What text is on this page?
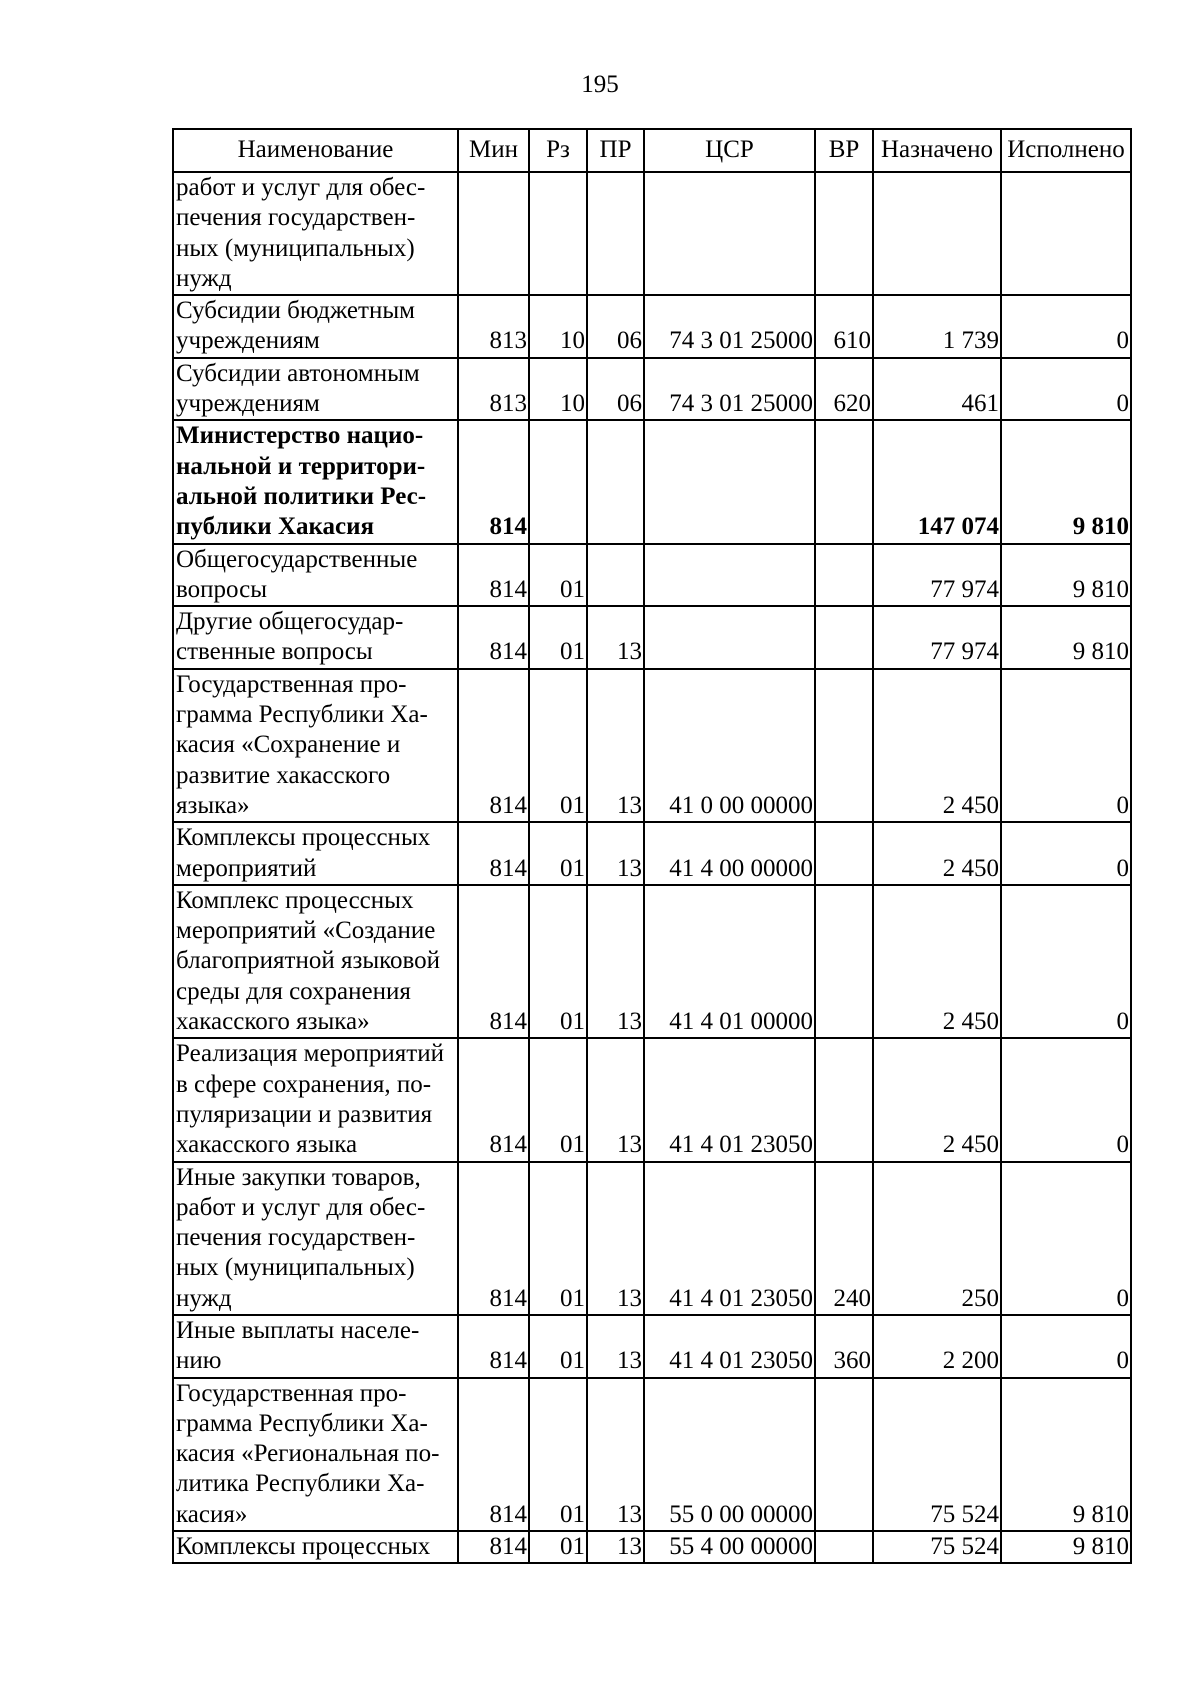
195
Наименование	Мин	Рз	ПР	ЦСР	ВР	Назначено	Исполнено
работ и услуг для обес-
печения государствен-
ных (муниципальных)
нужд							
Субсидии бюджетным
учреждениям	813	10	06	74 3 01 25000	610	1 739	0
Субсидии автономным
учреждениям	813	10	06	74 3 01 25000	620	461	0
Министерство нацио-
нальной и территори-
альной политики Рес-
публики Хакасия	814					147 074	9 810
Общегосударственные
вопросы	814	01				77 974	9 810
Другие общегосудар-
ственные вопросы	814	01	13			77 974	9 810
Государственная про-
грамма Республики Ха-
касия «Сохранение и
развитие хакасского
языка»	814	01	13	41 0 00 00000		2 450	0
Комплексы процессных
мероприятий	814	01	13	41 4 00 00000		2 450	0
Комплекс процессных
мероприятий «Создание
благоприятной языковой
среды для сохранения
хакасского языка»	814	01	13	41 4 01 00000		2 450	0
Реализация мероприятий
в сфере сохранения, по-
пуляризации и развития
хакасского языка	814	01	13	41 4 01 23050		2 450	0
Иные закупки товаров,
работ и услуг для обес-
печения государствен-
ных (муниципальных)
нужд	814	01	13	41 4 01 23050	240	250	0
Иные выплаты населе-
нию	814	01	13	41 4 01 23050	360	2 200	0
Государственная про-
грамма Республики Ха-
касия «Региональная по-
литика Республики Ха-
касия»	814	01	13	55 0 00 00000		75 524	9 810
Комплексы процессных	814	01	13	55 4 00 00000		75 524	9 810
